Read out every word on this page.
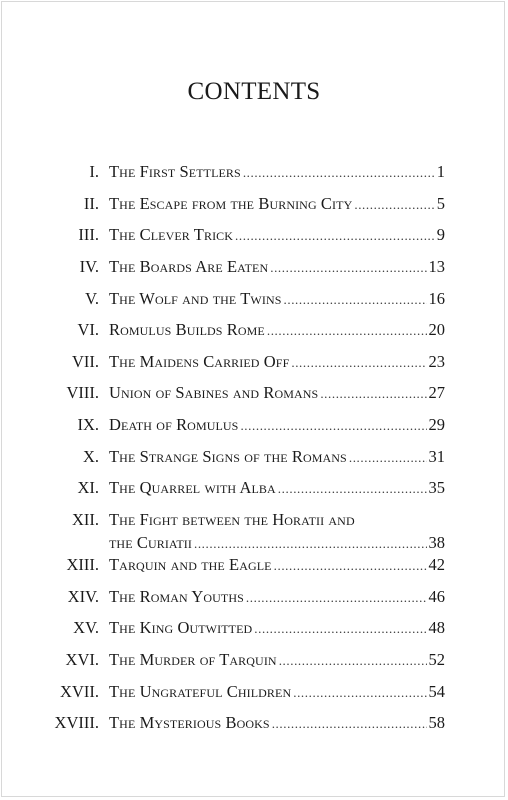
CONTENTS
I. The First Settlers .....	1
II. The Escape from the Burning City .....	5
III. The Clever Trick .....	9
IV. The Boards Are Eaten .....	13
V. The Wolf and the Twins .....	16
VI. Romulus Builds Rome .....	20
VII. The Maidens Carried Off .....	23
VIII. Union of Sabines and Romans .....	27
IX. Death of Romulus .....	29
X. The Strange Signs of the Romans .....	31
XI. The Quarrel with Alba .....	35
XII. The Fight between the Horatii and
the Curiatii .....	38
XIII. Tarquin and the Eagle .....	42
XIV. The Roman Youths .....	46
XV. The King Outwitted .....	48
XVI. The Murder of Tarquin .....	52
XVII. The Ungrateful Children .....	54
XVIII. The Mysterious Books .....	58
